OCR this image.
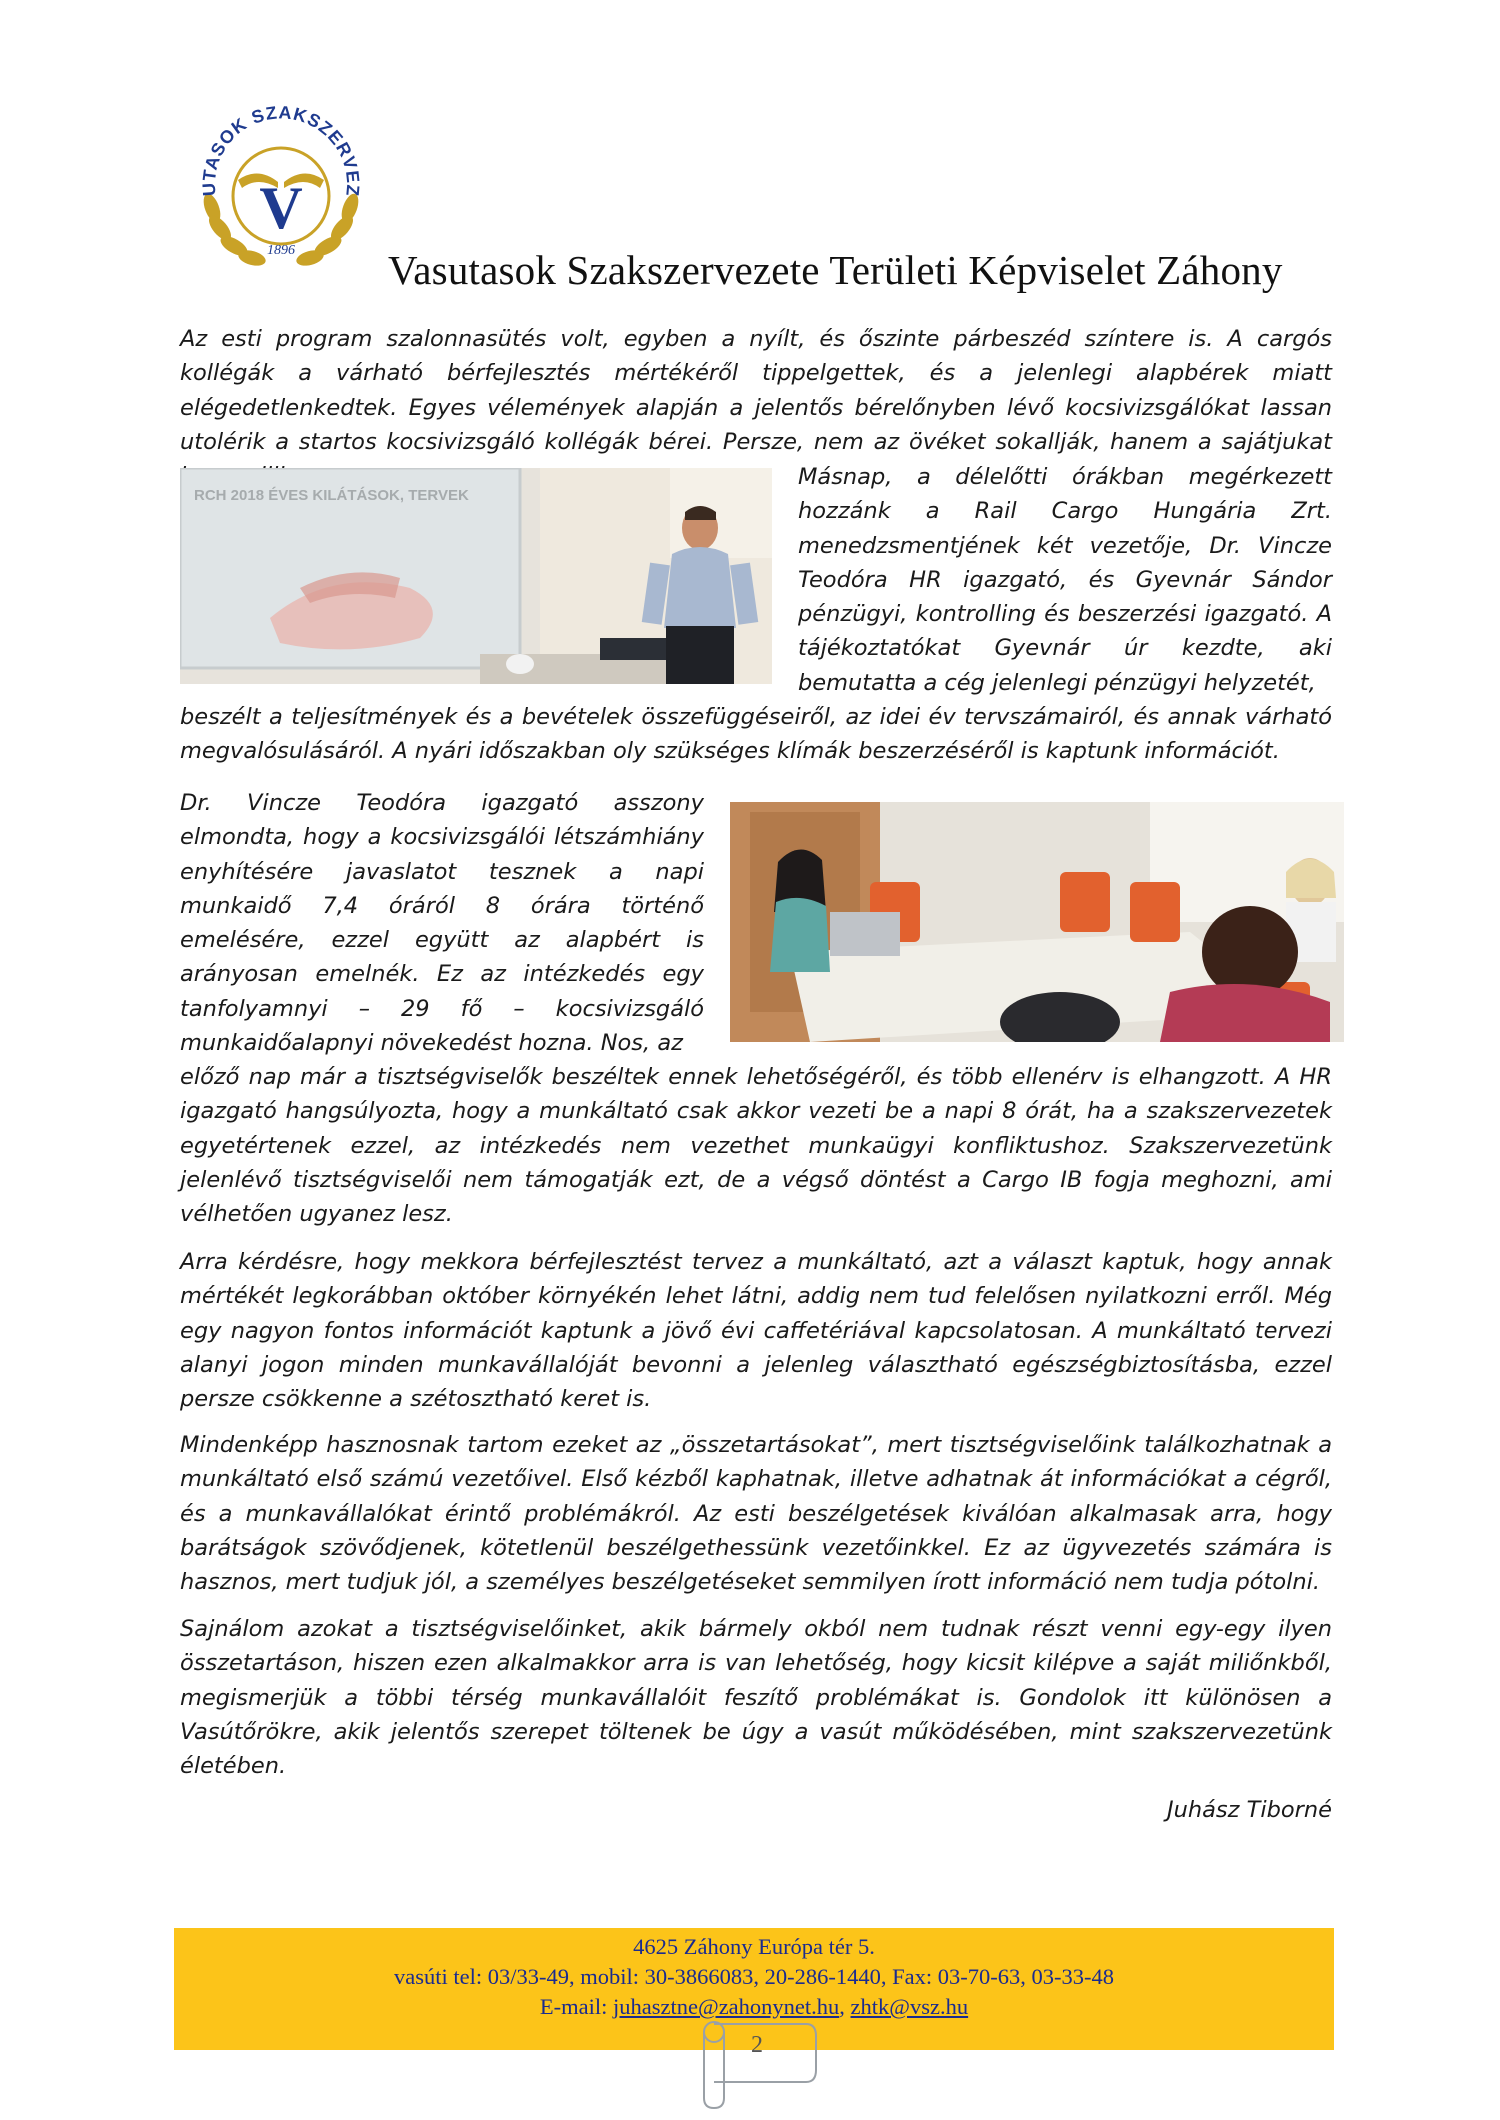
UTASOK SZAKSZERVEZ
V
1896 Vasutasok Szakszervezete Területi Képviselet Záhony

Az esti program szalonnasütés volt, egyben a nyílt, és őszinte párbeszéd színtere is. A cargós kollégák a várható bérfejlesztés mértékéről tippelgettek, és a jelenlegi alapbérek miatt elégedetlenkedtek. Egyes vélemények alapján a jelentős bérelőnyben lévő kocsivizsgálókat lassan utolérik a startos kocsivizsgáló kollégák bérei. Persze, nem az övéket sokallják, hanem a sajátjukat

RCH 2018 ÉVES KILÁTÁSOK, TERVEK

Másnap, a délelőtti órákban megérkezett hozzánk a Rail Cargo Hungária Zrt. menedzsmentjének két vezetője, Dr. Vincze Teodóra HR igazgató, és Gyevnár Sándor pénzügyi, kontrolling és beszerzési igazgató. A tájékoztatókat Gyevnár úr kezdte, aki bemutatta a cég jelenlegi pénzügyi helyzetét,

beszélt a teljesítmények és a bevételek összefüggéseiről, az idei év tervszámairól, és annak várható megvalósulásáról. A nyári időszakban oly szükséges klímák beszerzéséről is kaptunk információt.

Dr. Vincze Teodóra igazgató asszony elmondta, hogy a kocsivizsgálói létszámhiány enyhítésére javaslatot tesznek a napi munkaidő 7,4 óráról 8 órára történő emelésére, ezzel együtt az alapbért is arányosan emelnék. Ez az intézkedés egy tanfolyamnyi – 29 fő – kocsivizsgáló munkaidőalapnyi növekedést hozna. Nos, az

előző nap már a tisztségviselők beszéltek ennek lehetőségéről, és több ellenérv is elhangzott. A HR igazgató hangsúlyozta, hogy a munkáltató csak akkor vezeti be a napi 8 órát, ha a szakszervezetek egyetértenek ezzel, az intézkedés nem vezethet munkaügyi konfliktushoz. Szakszervezetünk jelenlévő tisztségviselői nem támogatják ezt, de a végső döntést a Cargo IB fogja meghozni, ami vélhetően ugyanez lesz.

Arra kérdésre, hogy mekkora bérfejlesztést tervez a munkáltató, azt a választ kaptuk, hogy annak mértékét legkorábban október környékén lehet látni, addig nem tud felelősen nyilatkozni erről. Még egy nagyon fontos információt kaptunk a jövő évi caffetériával kapcsolatosan. A munkáltató tervezi alanyi jogon minden munkavállalóját bevonni a jelenleg választható egészségbiztosításba, ezzel persze csökkenne a szétosztható keret is.

Mindenképp hasznosnak tartom ezeket az „összetartásokat”, mert tisztségviselőink találkozhatnak a munkáltató első számú vezetőivel. Első kézből kaphatnak, illetve adhatnak át információkat a cégről, és a munkavállalókat érintő problémákról. Az esti beszélgetések kiválóan alkalmasak arra, hogy barátságok szövődjenek, kötetlenül beszélgethessünk vezetőinkkel. Ez az ügyvezetés számára is hasznos, mert tudjuk jól, a személyes beszélgetéseket semmilyen írott információ nem tudja pótolni.

Sajnálom azokat a tisztségviselőinket, akik bármely okból nem tudnak részt venni egy-egy ilyen összetartáson, hiszen ezen alkalmakkor arra is van lehetőség, hogy kicsit kilépve a saját miliőnkből, megismerjük a többi térség munkavállalóit feszítő problémákat is. Gondolok itt különösen a Vasútőrökre, akik jelentős szerepet töltenek be úgy a vasút működésében, mint szakszervezetünk életében.

Juhász Tiborné
4625 Záhony Európa tér 5.
vasúti tel: 03/33-49, mobil: 30-3866083, 20-286-1440, Fax: 03-70-63, 03-33-48
E-mail: juhasztne@zahonynet.hu, zhtk@vsz.hu
2
